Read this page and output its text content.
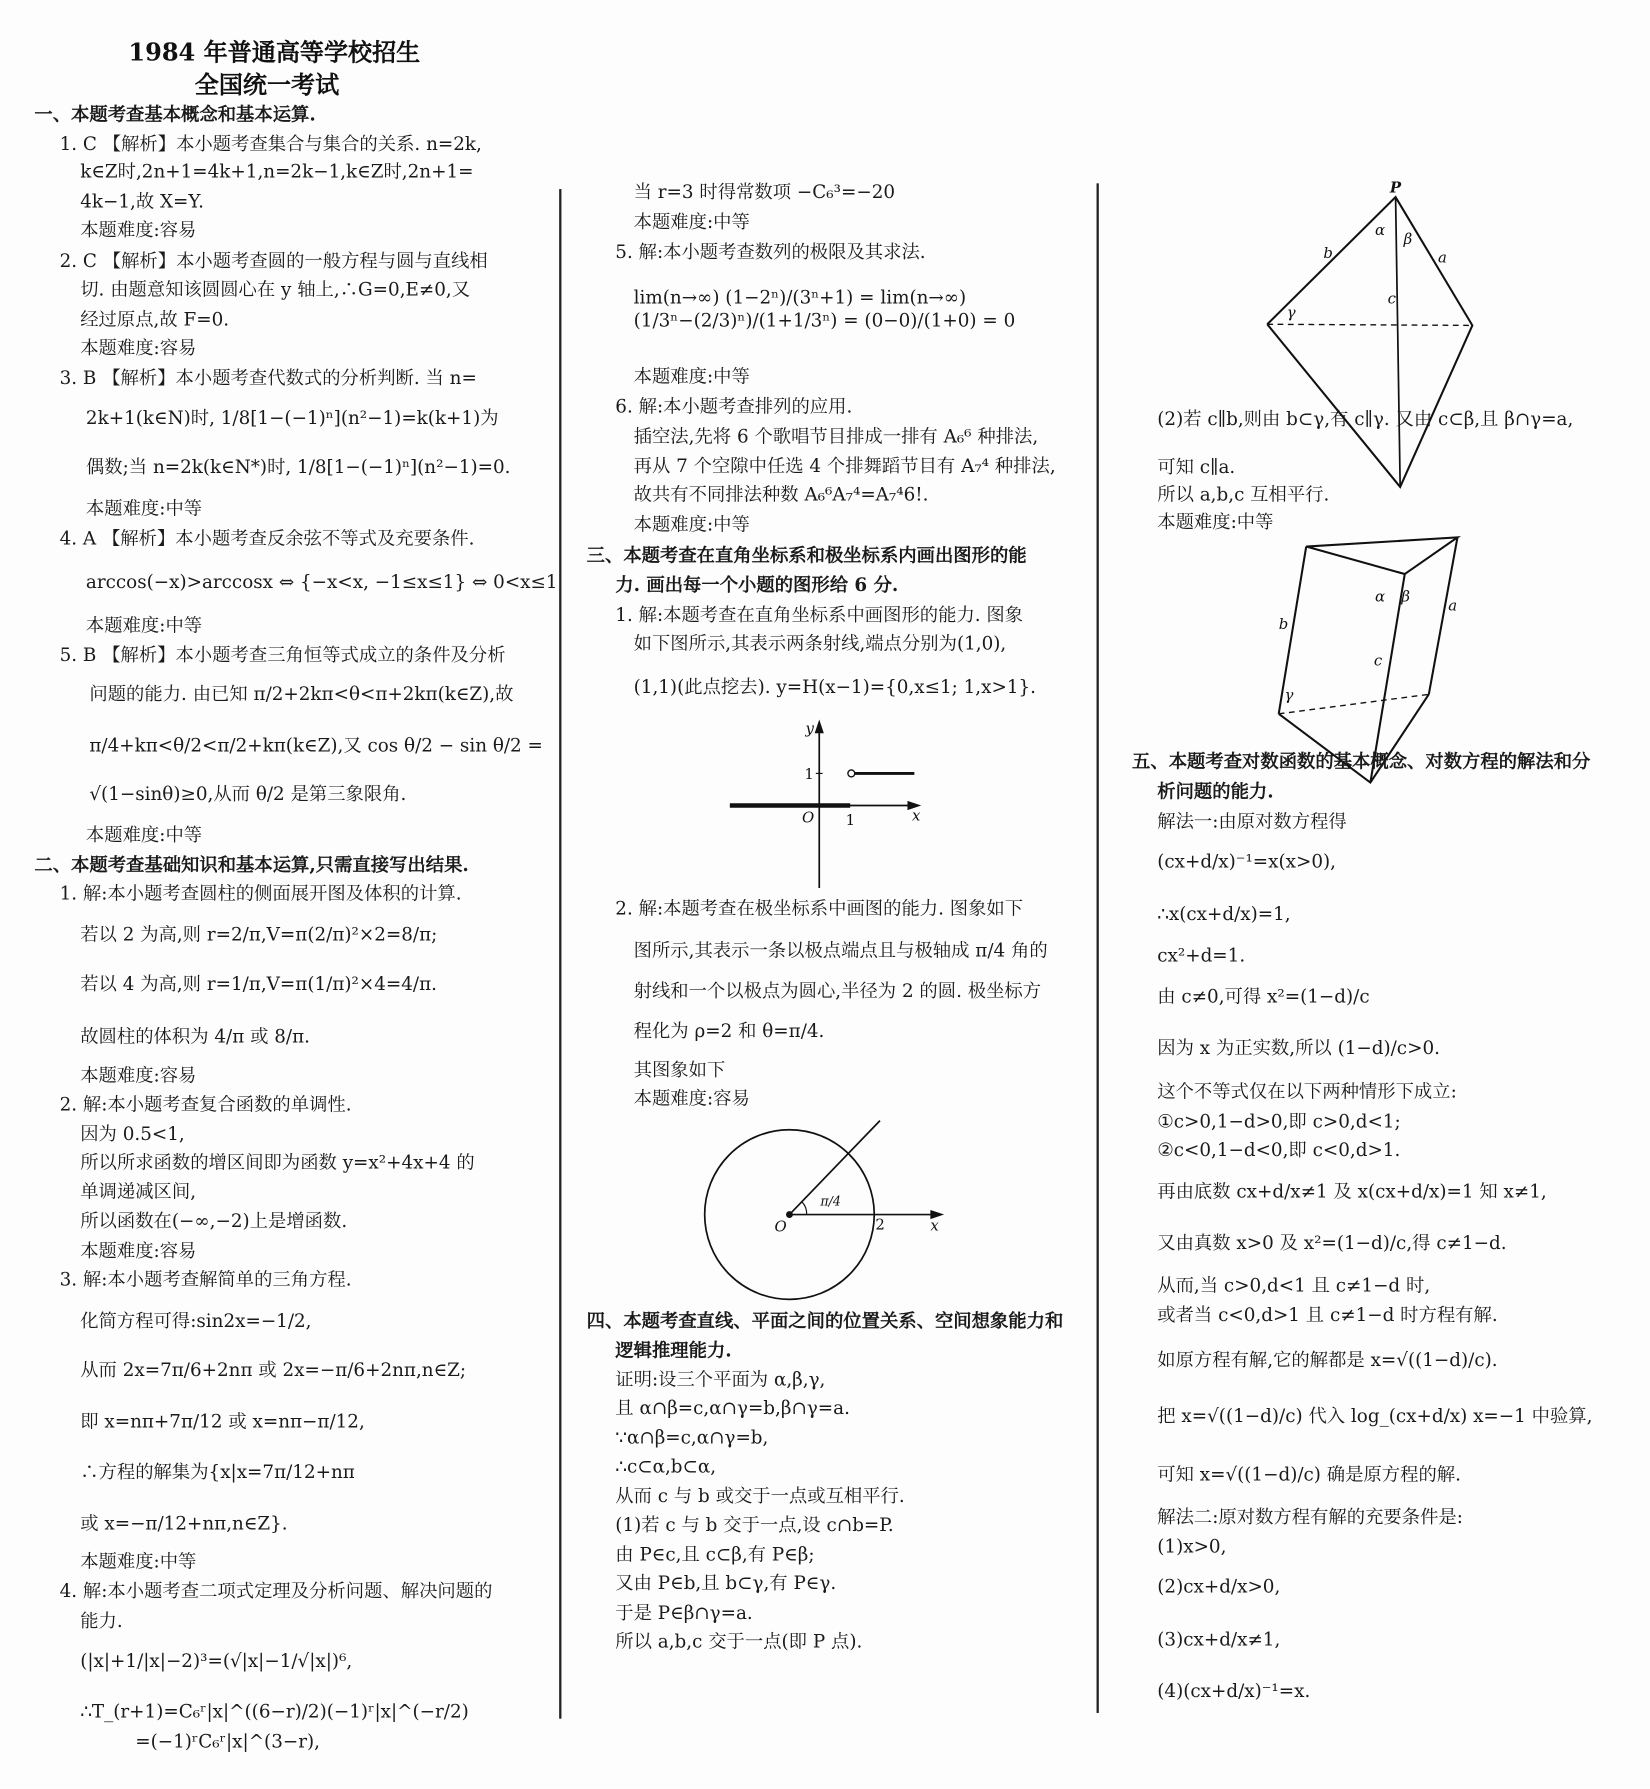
1984 年普通高等学校招生
全国统一考试
y
1
O 1	x
O	2	x
π/4
P
b
α
β
a
c
γ
b
α β
a
c
γ
一、本题考查基本概念和基本运算.
1. C 【解析】本小题考查集合与集合的关系. n=2k,
k∈Z时,2n+1=4k+1,n=2k−1,k∈Z时,2n+1=
4k−1,故 X=Y.
本题难度:容易
2. C 【解析】本小题考查圆的一般方程与圆与直线相
切. 由题意知该圆圆心在 y 轴上,∴G=0,E≠0,又
经过原点,故 F=0.
本题难度:容易
3. B 【解析】本小题考查代数式的分析判断. 当 n=
2k+1(k∈N)时, 1/8[1−(−1)ⁿ](n²−1)=k(k+1)为
偶数;当 n=2k(k∈N*)时, 1/8[1−(−1)ⁿ](n²−1)=0.
本题难度:中等
4. A 【解析】本小题考查反余弦不等式及充要条件.
arccos(−x)>arccosx ⇔ {−x<x, −1≤x≤1} ⇔ 0<x≤1
本题难度:中等
5. B 【解析】本小题考查三角恒等式成立的条件及分析
问题的能力. 由已知 π/2+2kπ<θ<π+2kπ(k∈Z),故
π/4+kπ<θ/2<π/2+kπ(k∈Z),又 cos θ/2 − sin θ/2 =
√(1−sinθ)≥0,从而 θ/2 是第三象限角.
本题难度:中等
二、本题考查基础知识和基本运算,只需直接写出结果.
1. 解:本小题考查圆柱的侧面展开图及体积的计算.
若以 2 为高,则 r=2/π,V=π(2/π)²×2=8/π;
若以 4 为高,则 r=1/π,V=π(1/π)²×4=4/π.
故圆柱的体积为 4/π 或 8/π.
本题难度:容易
2. 解:本小题考查复合函数的单调性.
因为 0.5<1,
所以所求函数的增区间即为函数 y=x²+4x+4 的
单调递减区间,
所以函数在(−∞,−2)上是增函数.
本题难度:容易
3. 解:本小题考查解简单的三角方程.
化简方程可得:sin2x=−1/2,
从而 2x=7π/6+2nπ 或 2x=−π/6+2nπ,n∈Z;
即 x=nπ+7π/12 或 x=nπ−π/12,
∴方程的解集为{x|x=7π/12+nπ
或 x=−π/12+nπ,n∈Z}.
本题难度:中等
4. 解:本小题考查二项式定理及分析问题、解决问题的
能力.
(|x|+1/|x|−2)³=(√|x|−1/√|x|)⁶,
∴T_(r+1)=C₆ʳ|x|^((6−r)/2)(−1)ʳ|x|^(−r/2)
=(−1)ʳC₆ʳ|x|^(3−r),
当 r=3 时得常数项 −C₆³=−20
本题难度:中等
5. 解:本小题考查数列的极限及其求法.
lim(n→∞) (1−2ⁿ)/(3ⁿ+1) = lim(n→∞) (1/3ⁿ−(2/3)ⁿ)/(1+1/3ⁿ) = (0−0)/(1+0) = 0
本题难度:中等
6. 解:本小题考查排列的应用.
插空法,先将 6 个歌唱节目排成一排有 A₆⁶ 种排法,
再从 7 个空隙中任选 4 个排舞蹈节目有 A₇⁴ 种排法,
故共有不同排法种数 A₆⁶A₇⁴=A₇⁴6!.
本题难度:中等
三、本题考查在直角坐标系和极坐标系内画出图形的能
力. 画出每一个小题的图形给 6 分.
1. 解:本题考查在直角坐标系中画图形的能力. 图象
如下图所示,其表示两条射线,端点分别为(1,0),
(1,1)(此点挖去). y=H(x−1)={0,x≤1; 1,x>1}.
2. 解:本题考查在极坐标系中画图的能力. 图象如下
图所示,其表示一条以极点端点且与极轴成 π/4 角的
射线和一个以极点为圆心,半径为 2 的圆. 极坐标方
程化为 ρ=2 和 θ=π/4.
其图象如下
本题难度:容易
四、本题考查直线、平面之间的位置关系、空间想象能力和
逻辑推理能力.
证明:设三个平面为 α,β,γ,
且 α∩β=c,α∩γ=b,β∩γ=a.
∵α∩β=c,α∩γ=b,
∴c⊂α,b⊂α,
从而 c 与 b 或交于一点或互相平行.
(1)若 c 与 b 交于一点,设 c∩b=P.
由 P∈c,且 c⊂β,有 P∈β;
又由 P∈b,且 b⊂γ,有 P∈γ.
于是 P∈β∩γ=a.
所以 a,b,c 交于一点(即 P 点).
(2)若 c∥b,则由 b⊂γ,有 c∥γ. 又由 c⊂β,且 β∩γ=a,
可知 c∥a.
所以 a,b,c 互相平行.
本题难度:中等
五、本题考查对数函数的基本概念、对数方程的解法和分
析问题的能力.
解法一:由原对数方程得
(cx+d/x)⁻¹=x(x>0),
∴x(cx+d/x)=1,
cx²+d=1.
由 c≠0,可得 x²=(1−d)/c
因为 x 为正实数,所以 (1−d)/c>0.
这个不等式仅在以下两种情形下成立:
①c>0,1−d>0,即 c>0,d<1;
②c<0,1−d<0,即 c<0,d>1.
再由底数 cx+d/x≠1 及 x(cx+d/x)=1 知 x≠1,
又由真数 x>0 及 x²=(1−d)/c,得 c≠1−d.
从而,当 c>0,d<1 且 c≠1−d 时,
或者当 c<0,d>1 且 c≠1−d 时方程有解.
如原方程有解,它的解都是 x=√((1−d)/c).
把 x=√((1−d)/c) 代入 log_(cx+d/x) x=−1 中验算,
可知 x=√((1−d)/c) 确是原方程的解.
解法二:原对数方程有解的充要条件是:
(1)x>0,
(2)cx+d/x>0,
(3)cx+d/x≠1,
(4)(cx+d/x)⁻¹=x.
